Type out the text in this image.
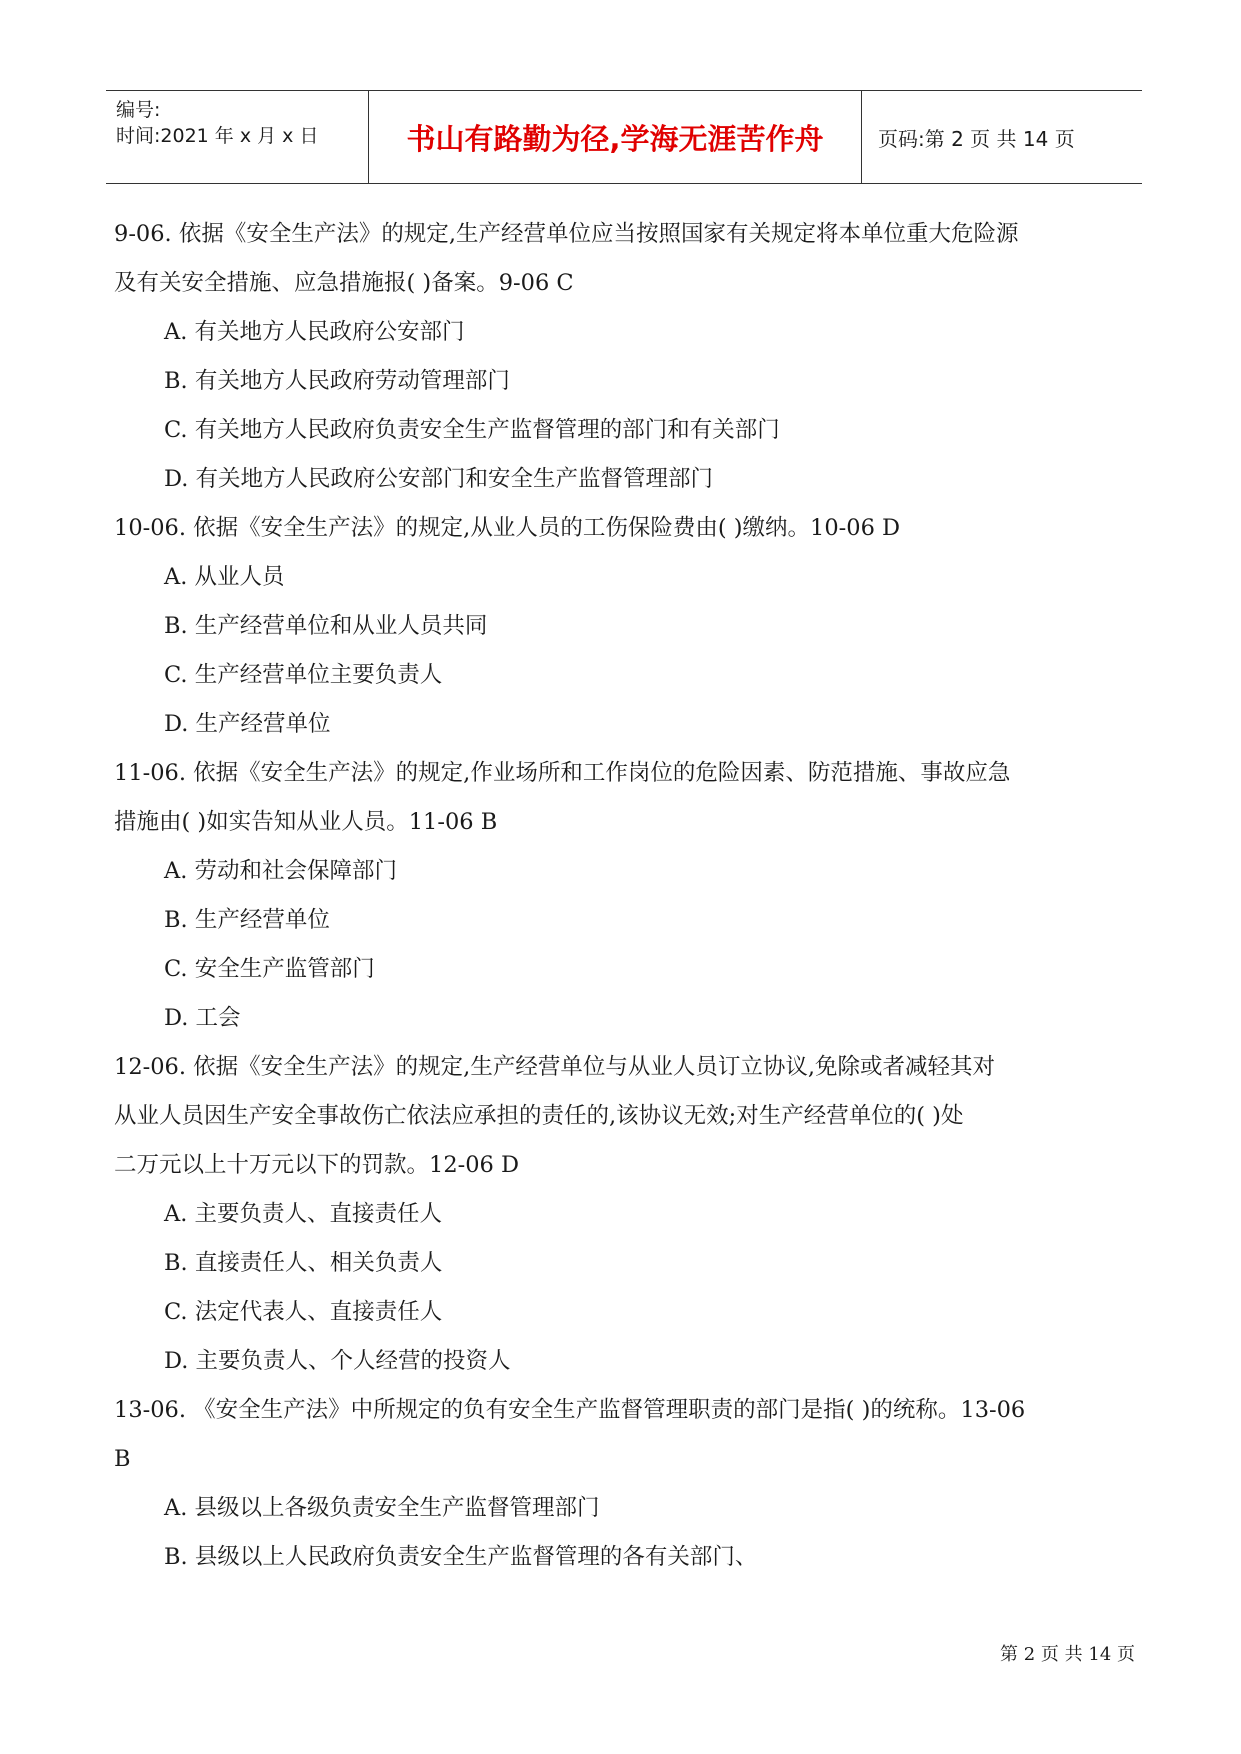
编号:
时间:2021 年 x 月 x 日	书山有路勤为径,学海无涯苦作舟	页码:第 2 页 共 14 页

9-06. 依据《安全生产法》的规定,生产经营单位应当按照国家有关规定将本单位重大危险源

及有关安全措施、应急措施报( )备案。9-06 C

A. 有关地方人民政府公安部门

B. 有关地方人民政府劳动管理部门

C. 有关地方人民政府负责安全生产监督管理的部门和有关部门

D. 有关地方人民政府公安部门和安全生产监督管理部门

10-06. 依据《安全生产法》的规定,从业人员的工伤保险费由( )缴纳。10-06 D

A. 从业人员

B. 生产经营单位和从业人员共同

C. 生产经营单位主要负责人

D. 生产经营单位

11-06. 依据《安全生产法》的规定,作业场所和工作岗位的危险因素、防范措施、事故应急

措施由( )如实告知从业人员。11-06 B

A. 劳动和社会保障部门

B. 生产经营单位

C. 安全生产监管部门

D. 工会

12-06. 依据《安全生产法》的规定,生产经营单位与从业人员订立协议,免除或者减轻其对

从业人员因生产安全事故伤亡依法应承担的责任的,该协议无效;对生产经营单位的( )处

二万元以上十万元以下的罚款。12-06 D

A. 主要负责人、直接责任人

B. 直接责任人、相关负责人

C. 法定代表人、直接责任人

D. 主要负责人、个人经营的投资人

13-06. 《安全生产法》中所规定的负有安全生产监督管理职责的部门是指( )的统称。13-06

B

A. 县级以上各级负责安全生产监督管理部门

B. 县级以上人民政府负责安全生产监督管理的各有关部门、

第 2 页 共 14 页
